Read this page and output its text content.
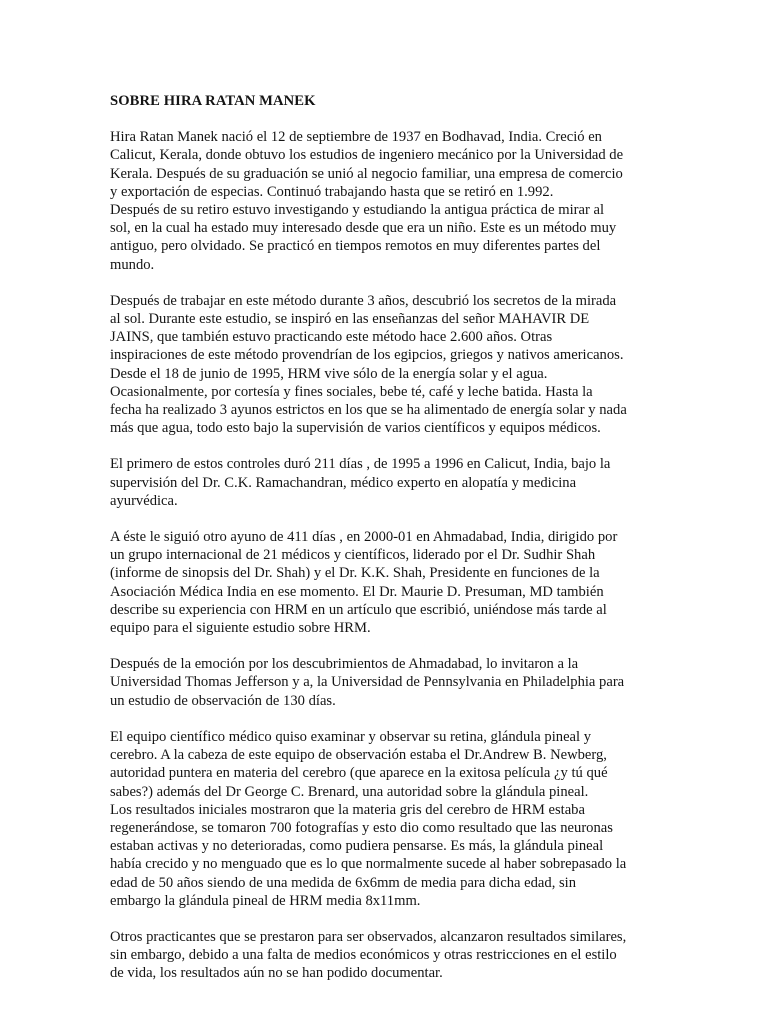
SOBRE HIRA RATAN MANEK
Hira Ratan Manek nació el 12 de septiembre de 1937 en Bodhavad, India. Creció en
Calicut, Kerala, donde obtuvo los estudios de ingeniero mecánico por la Universidad de
Kerala. Después de su graduación se unió al negocio familiar, una empresa de comercio
y exportación de especias. Continuó trabajando hasta que se retiró en 1.992.
Después de su retiro estuvo investigando y estudiando la antigua práctica de mirar al
sol, en la cual ha estado muy interesado desde que era un niño. Este es un método muy
antiguo, pero olvidado. Se practicó en tiempos remotos en muy diferentes partes del
mundo.
Después de trabajar en este método durante 3 años, descubrió los secretos de la mirada
al sol. Durante este estudio, se inspiró en las enseñanzas del señor MAHAVIR DE
JAINS, que también estuvo practicando este método hace 2.600 años. Otras
inspiraciones de este método provendrían de los egipcios, griegos y nativos americanos.
Desde el 18 de junio de 1995, HRM vive sólo de la energía solar y el agua.
Ocasionalmente, por cortesía y fines sociales, bebe té, café y leche batida. Hasta la
fecha ha realizado 3 ayunos estrictos en los que se ha alimentado de energía solar y nada
más que agua, todo esto bajo la supervisión de varios científicos y equipos médicos.
El primero de estos controles duró 211 días , de 1995 a 1996 en Calicut, India, bajo la
supervisión del Dr. C.K. Ramachandran, médico experto en alopatía y medicina
ayurvédica.
A éste le siguió otro ayuno de 411 días , en 2000-01 en Ahmadabad, India, dirigido por
un grupo internacional de 21 médicos y científicos, liderado por el Dr. Sudhir Shah
(informe de sinopsis del Dr. Shah) y el Dr. K.K. Shah, Presidente en funciones de la
Asociación Médica India en ese momento. El Dr. Maurie D. Presuman, MD también
describe su experiencia con HRM en un artículo que escribió, uniéndose más tarde al
equipo para el siguiente estudio sobre HRM.
Después de la emoción por los descubrimientos de Ahmadabad, lo invitaron a la
Universidad Thomas Jefferson y a, la Universidad de Pennsylvania en Philadelphia para
un estudio de observación de 130 días.
El equipo científico médico quiso examinar y observar su retina, glándula pineal y
cerebro. A la cabeza de este equipo de observación estaba el Dr.Andrew B. Newberg,
autoridad puntera en materia del cerebro (que aparece en la exitosa película ¿y tú qué
sabes?) además del Dr George C. Brenard, una autoridad sobre la glándula pineal.
Los resultados iniciales mostraron que la materia gris del cerebro de HRM estaba
regenerándose, se tomaron 700 fotografías y esto dio como resultado que las neuronas
estaban activas y no deterioradas, como pudiera pensarse. Es más, la glándula pineal
había crecido y no menguado que es lo que normalmente sucede al haber sobrepasado la
edad de 50 años siendo de una medida de 6x6mm de media para dicha edad, sin
embargo la glándula pineal de HRM media 8x11mm.
Otros practicantes que se prestaron para ser observados, alcanzaron resultados similares,
sin embargo, debido a una falta de medios económicos y otras restricciones en el estilo
de vida, los resultados aún no se han podido documentar.
